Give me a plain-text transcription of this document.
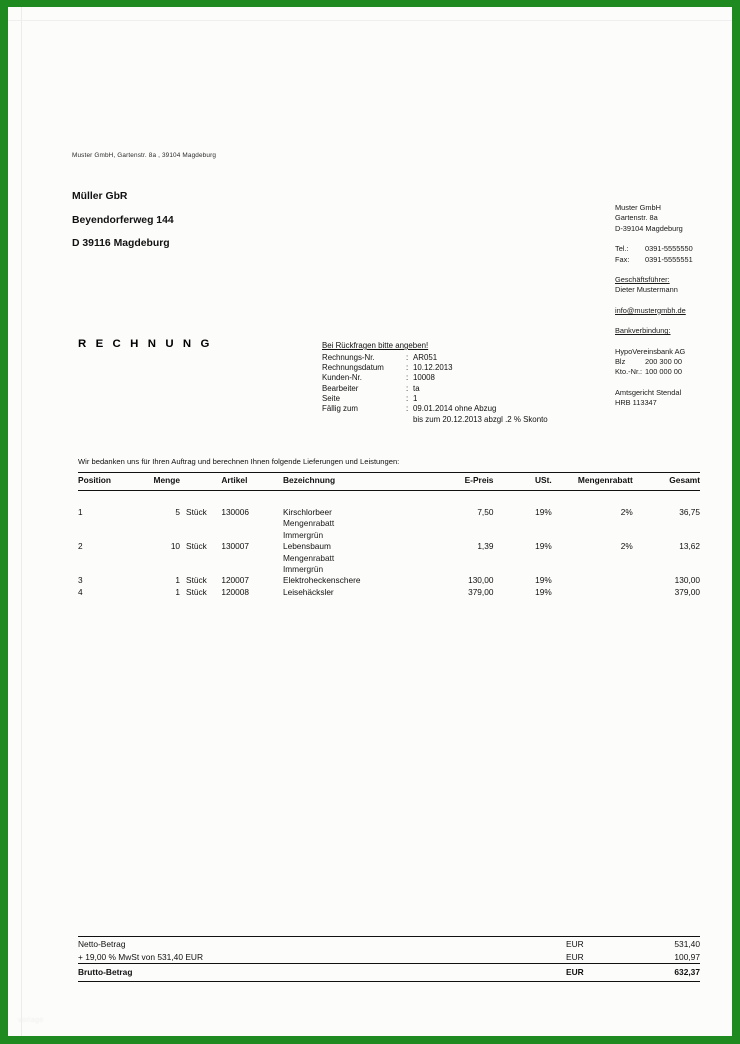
Muster GmbH, Gartenstr. 8a , 39104 Magdeburg
Müller GbR
Beyendorferweg 144
D 39116 Magdeburg
Muster GmbH
Gartenstr. 8a
D-39104 Magdeburg
Tel.:	0391-5555550
Fax:	0391-5555551
Geschäftsführer:
Dieter Mustermann
info@mustergmbh.de
Bankverbindung:
HypoVereinsbank AG
Blz	200 300 00
Kto.-Nr.: 100 000 00
Amtsgericht Stendal
HRB 113347
R E C H N U N G	Bei Rückfragen bitte angeben!
Rechnungs-Nr.	: AR051
Rechnungsdatum	: 10.12.2013
Kunden-Nr.	: 10008
Bearbeiter	: ta
Seite	: 1
Fällig zum	: 09.01.2014 ohne Abzug
bis zum 20.12.2013 abzgl .2 % Skonto
Wir bedanken uns für Ihren Auftrag und berechnen Ihnen folgende Lieferungen und Leistungen:
Position	Menge		Artikel	Bezeichnung	E-Preis	USt.	Mengenrabatt	Gesamt
1	5	Stück	130006	Kirschlorbeer
Mengenrabatt
Immergrün	7,50	19%	2%	36,75
2	10	Stück	130007	Lebensbaum
Mengenrabatt
Immergrün	1,39	19%	2%	13,62
3	1	Stück	120007	Elektroheckenschere	130,00	19%		130,00
4	1	Stück	120008	Leisehäcksler	379,00	19%		379,00

Netto-Betrag	EUR	531,40
+ 19,00 % MwSt von 531,40 EUR	EUR	100,97
Brutto-Betrag	EUR	632,37
vorlage
